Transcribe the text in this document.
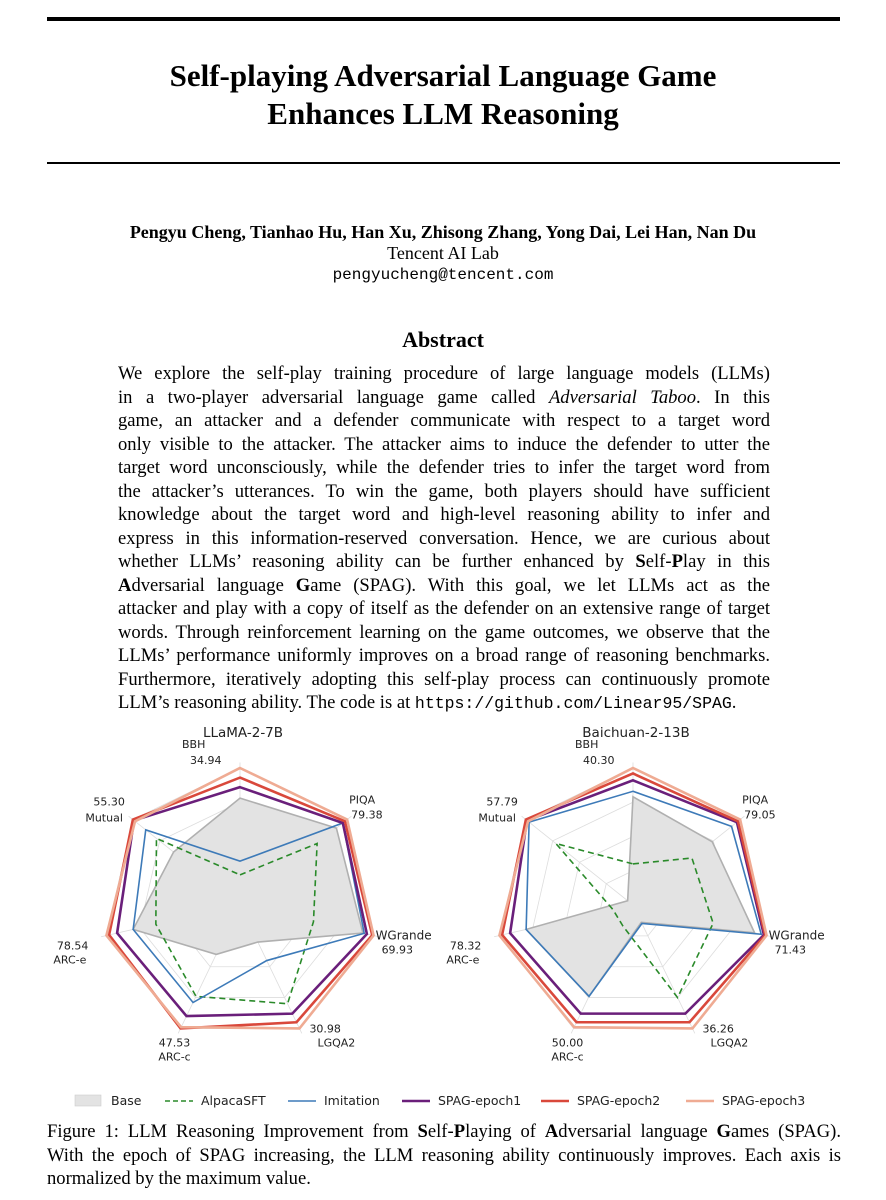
Self-playing Adversarial Language Game
Enhances LLM Reasoning
Pengyu Cheng, Tianhao Hu, Han Xu, Zhisong Zhang, Yong Dai, Lei Han, Nan Du
Tencent AI Lab
pengyucheng@tencent.com
Abstract
We explore the self-play training procedure of large language models (LLMs)
in a two-player adversarial language game called Adversarial Taboo. In this
game, an attacker and a defender communicate with respect to a target word
only visible to the attacker. The attacker aims to induce the defender to utter the
target word unconsciously, while the defender tries to infer the target word from
the attacker’s utterances. To win the game, both players should have sufficient
knowledge about the target word and high-level reasoning ability to infer and
express in this information-reserved conversation. Hence, we are curious about
whether LLMs’ reasoning ability can be further enhanced by Self-Play in this
Adversarial language Game (SPAG). With this goal, we let LLMs act as the
attacker and play with a copy of itself as the defender on an extensive range of target
words. Through reinforcement learning on the game outcomes, we observe that the
LLMs’ performance uniformly improves on a broad range of reasoning benchmarks.
Furthermore, iteratively adopting this self-play process can continuously promote
LLM’s reasoning ability. The code is at https://github.com/Linear95/SPAG.
LLaMA-2-7B
BBH
34.94
PIQA
79.38
WGrande
69.93
LGQA2
30.98
ARC-c
47.53
ARC-e
78.54
Mutual
55.30
Baichuan-2-13B
BBH
40.30
PIQA
79.05
WGrande
71.43
LGQA2
36.26
ARC-c
50.00
ARC-e
78.32
Mutual
57.79
Base	AlpacaSFT	Imitation	SPAG-epoch1	SPAG-epoch2	SPAG-epoch3
Figure 1: LLM Reasoning Improvement from Self-Playing of Adversarial language Games (SPAG).
With the epoch of SPAG increasing, the LLM reasoning ability continuously improves. Each axis is
normalized by the maximum value.
